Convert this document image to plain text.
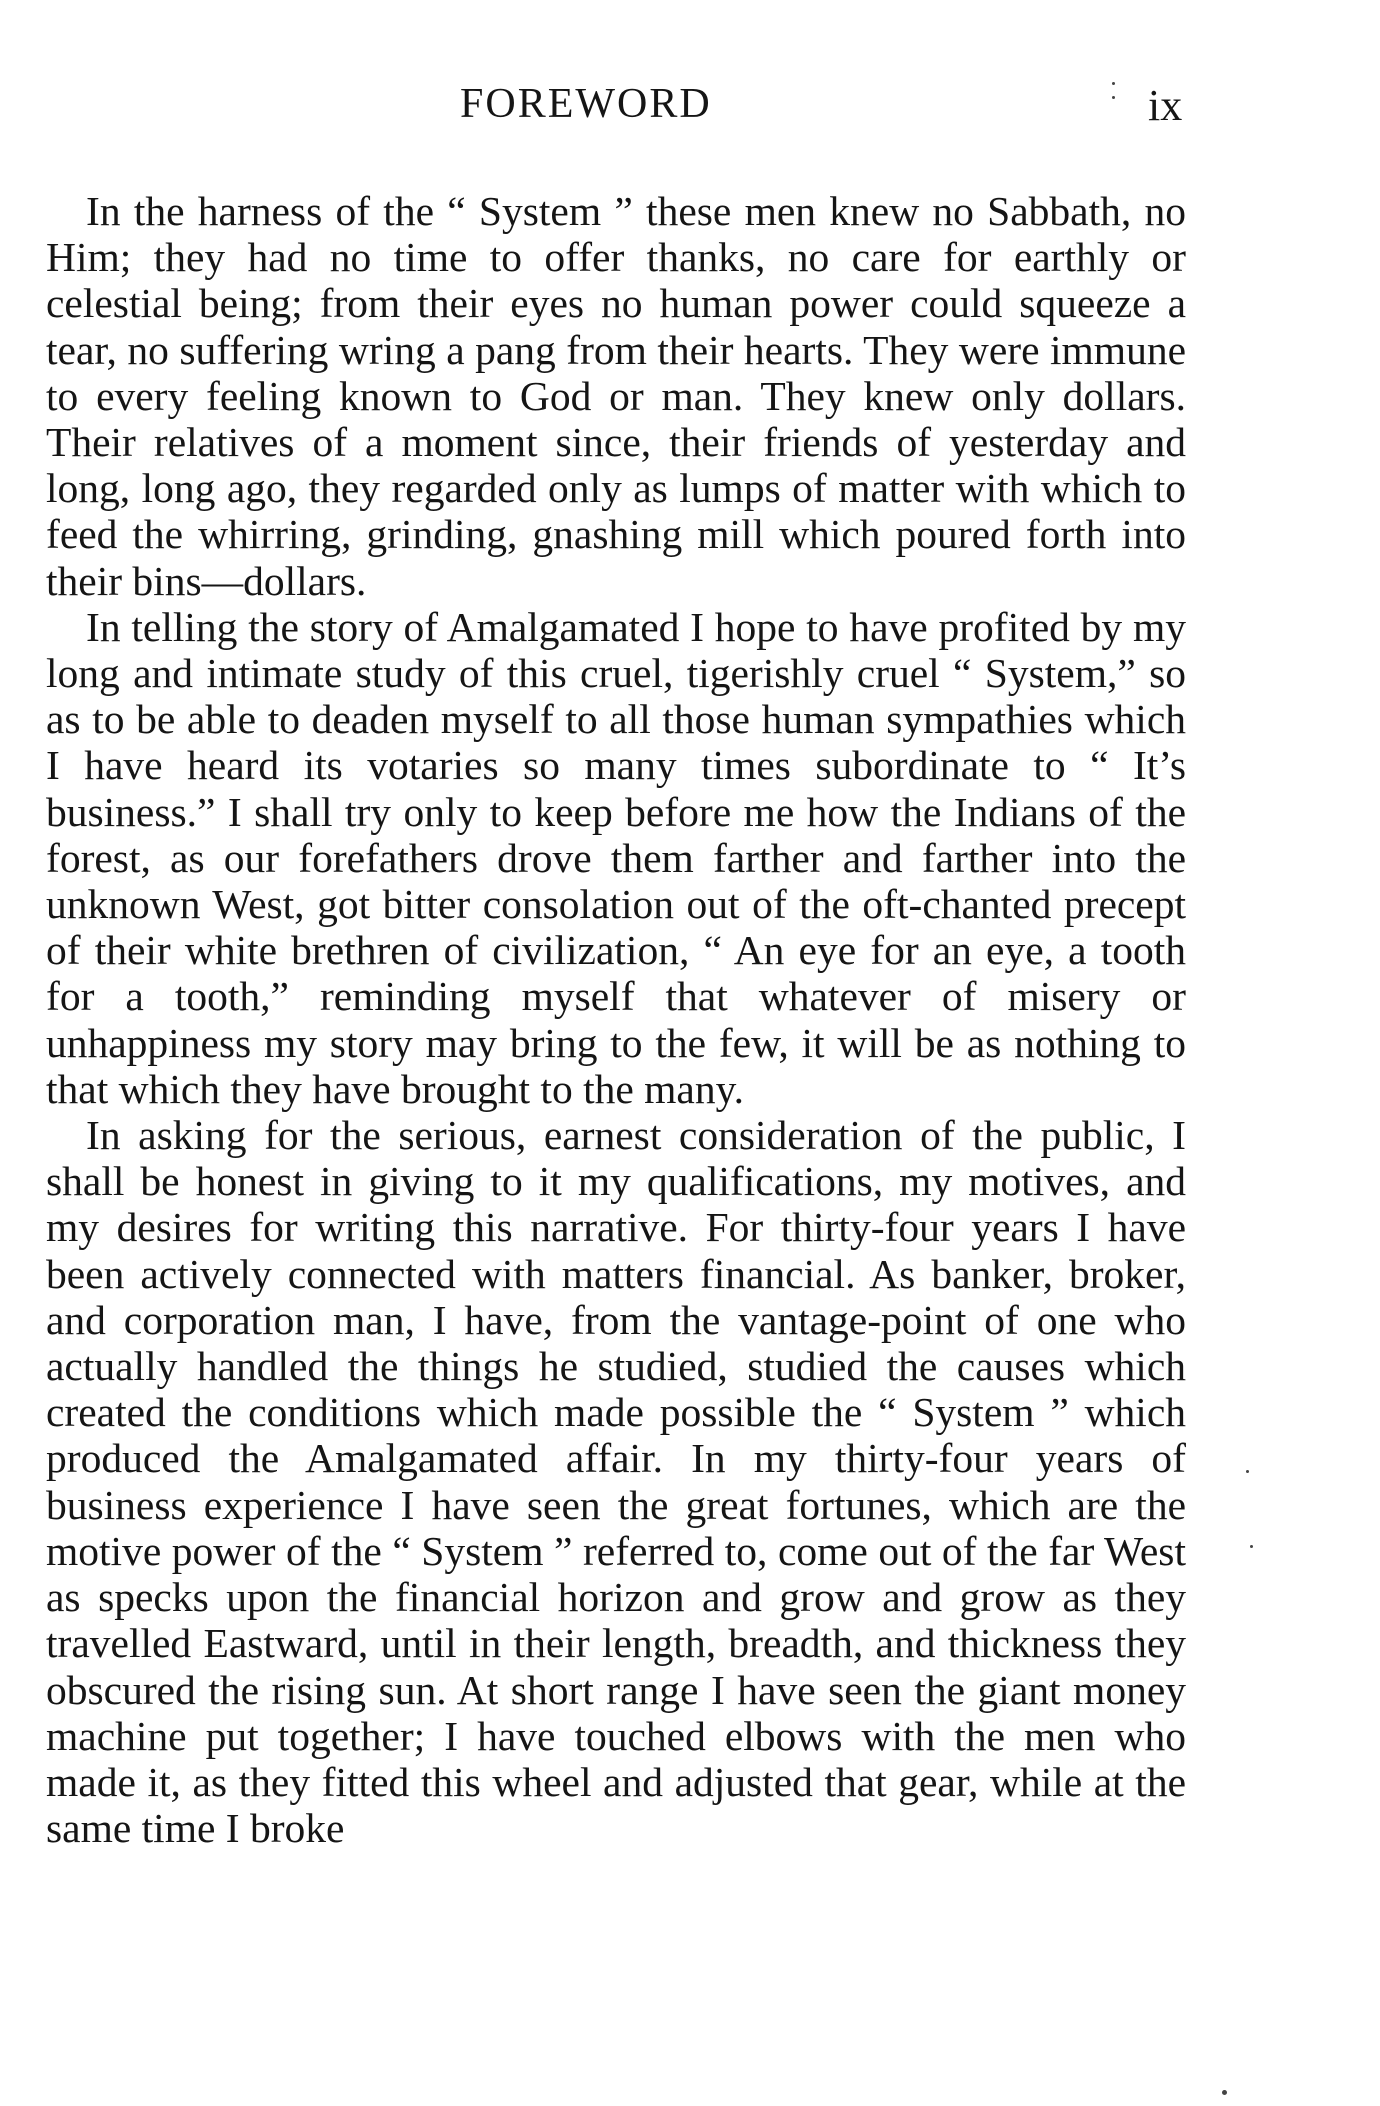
FOREWORD	ix

In the harness of the “ System ” these men knew no Sabbath, no Him; they had no time to offer thanks, no care for earthly or celestial being; from their eyes no human power could squeeze a tear, no suffering wring a pang from their hearts. They were immune to every feeling known to God or man. They knew only dollars. Their relatives of a moment since, their friends of yesterday and long, long ago, they regarded only as lumps of matter with which to feed the whirring, grinding, gnashing mill which poured forth into their bins—dollars.

In telling the story of Amalgamated I hope to have profited by my long and intimate study of this cruel, tigerishly cruel “ System,” so as to be able to deaden myself to all those human sympathies which I have heard its votaries so many times subordinate to “ It’s business.” I shall try only to keep before me how the Indians of the forest, as our forefathers drove them farther and farther into the unknown West, got bitter consolation out of the oft-chanted precept of their white brethren of civilization, “ An eye for an eye, a tooth for a tooth,” reminding myself that whatever of misery or unhappiness my story may bring to the few, it will be as nothing to that which they have brought to the many.

In asking for the serious, earnest consideration of the public, I shall be honest in giving to it my qualifications, my motives, and my desires for writing this narrative. For thirty-four years I have been actively connected with matters financial. As banker, broker, and corporation man, I have, from the vantage-point of one who actually handled the things he studied, studied the causes which created the conditions which made possible the “ System ” which produced the Amalgamated affair. In my thirty-four years of business experience I have seen the great fortunes, which are the motive power of the “ System ” referred to, come out of the far West as specks upon the financial horizon and grow and grow as they travelled Eastward, until in their length, breadth, and thickness they obscured the rising sun. At short range I have seen the giant money machine put together; I have touched elbows with the men who made it, as they fitted this wheel and adjusted that gear, while at the same time I broke
